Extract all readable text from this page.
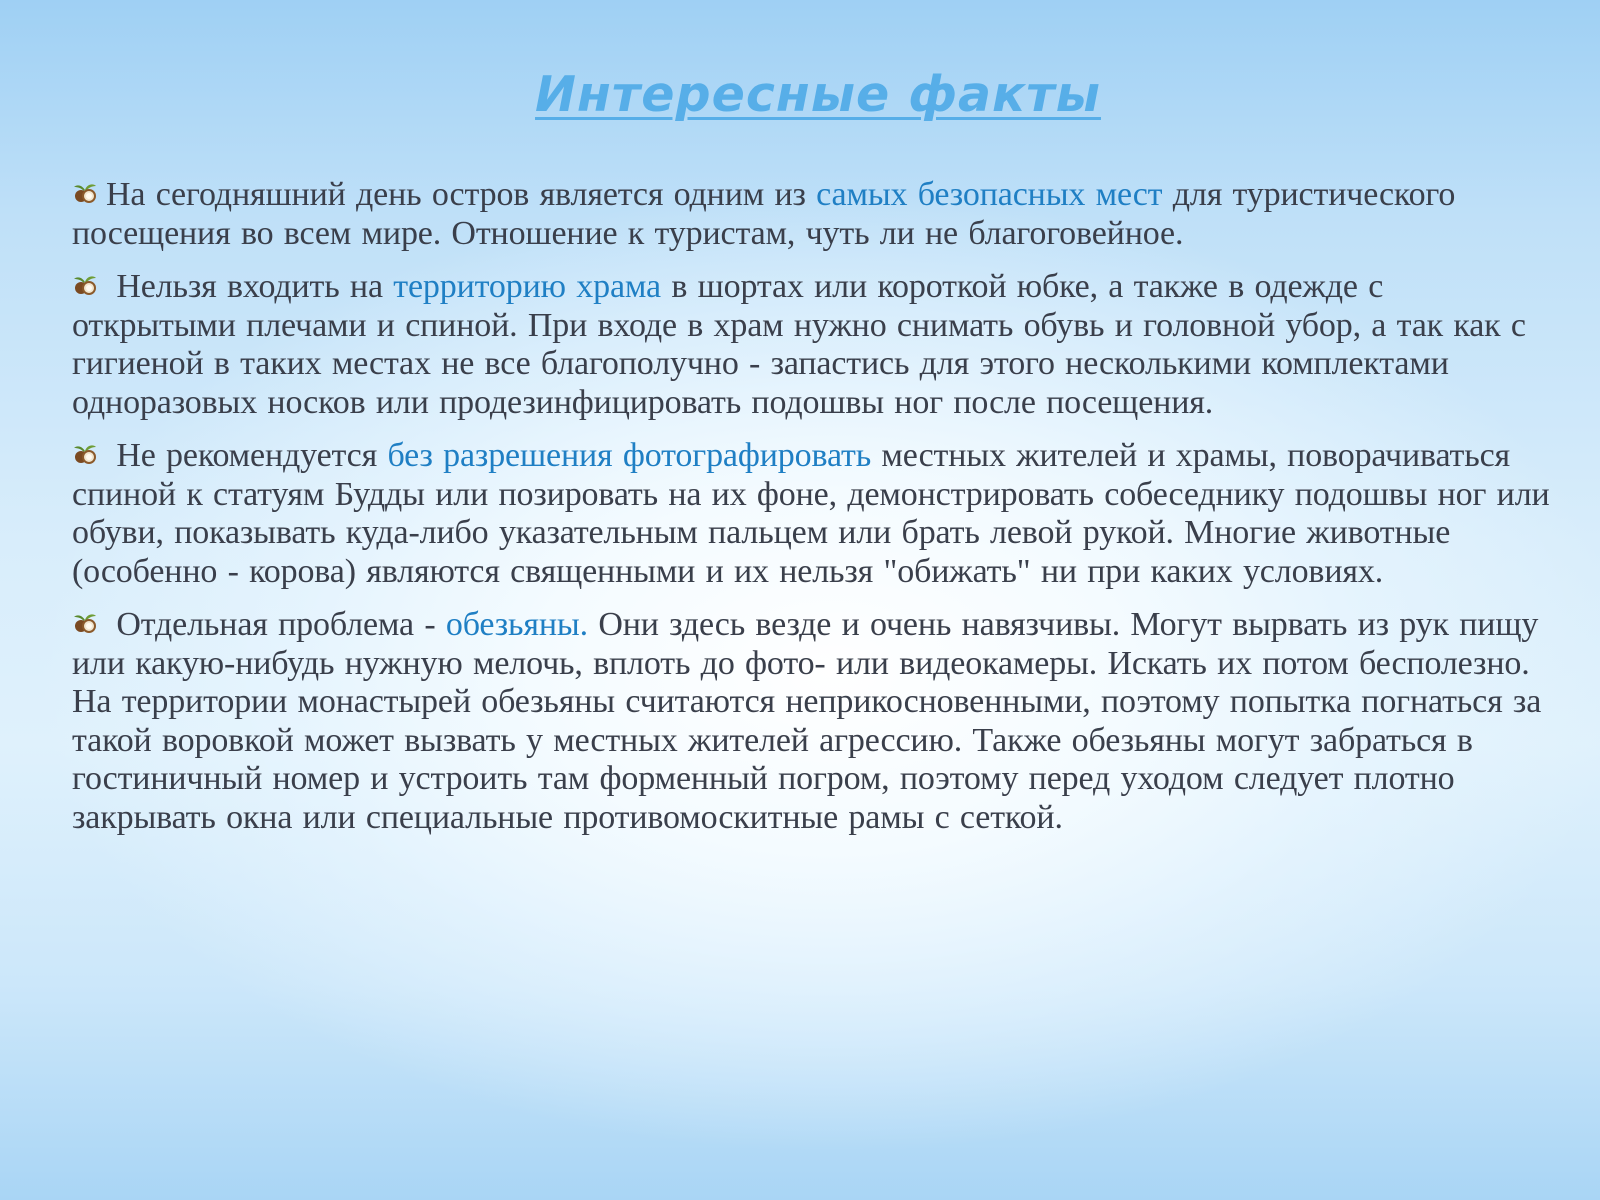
Интересные факты

На сегодняшний день остров является одним из самых безопасных мест для туристического посещения во всем мире. Отношение к туристам, чуть ли не благоговейное.

Нельзя входить на территорию храма в шортах или короткой юбке, а также в одежде с открытыми плечами и спиной. При входе в храм нужно снимать обувь и головной убор, а так как с гигиеной в таких местах не все благополучно - запастись для этого несколькими комплектами одноразовых носков или продезинфицировать подошвы ног после посещения.

Не рекомендуется без разрешения фотографировать местных жителей и храмы, поворачиваться спиной к статуям Будды или позировать на их фоне, демонстрировать собеседнику подошвы ног или обуви, показывать куда-либо указательным пальцем или брать левой рукой. Многие животные (особенно - корова) являются священными и их нельзя "обижать" ни при каких условиях.

Отдельная проблема - обезьяны. Они здесь везде и очень навязчивы. Могут вырвать из рук пищу или какую-нибудь нужную мелочь, вплоть до фото- или видеокамеры. Искать их потом бесполезно. На территории монастырей обезьяны считаются неприкосновенными, поэтому попытка погнаться за такой воровкой может вызвать у местных жителей агрессию. Также обезьяны могут забраться в гостиничный номер и устроить там форменный погром, поэтому перед уходом следует плотно закрывать окна или специальные противомоскитные рамы с сеткой.
